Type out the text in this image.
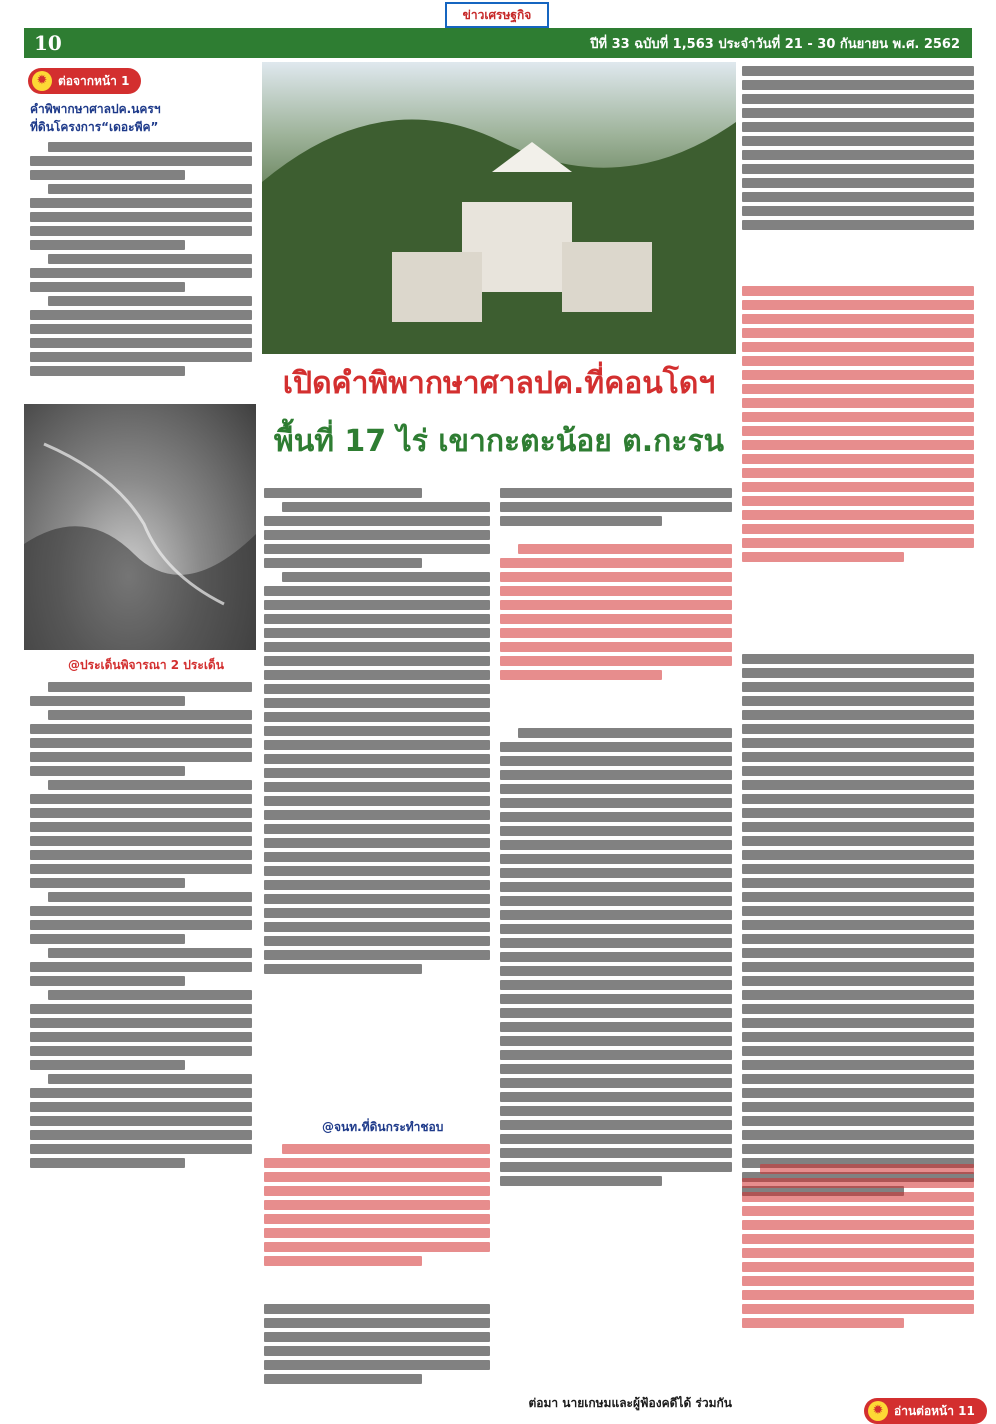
10	ปีที่ 33 ฉบับที่ 1,563 ประจำวันที่ 21 - 30 กันยายน พ.ศ. 2562
ข่าวเศรษฐกิจ
✹ ต่อจากหน้า 1
คำพิพากษาศาลปค.นครฯ
ที่ดินโครงการ“เดอะพีค”
@ประเด็นพิจารณา 2 ประเด็น
เปิดคำพิพากษาศาลปค.ที่คอนโดฯ
พื้นที่ 17 ไร่ เขากะตะน้อย ต.กะรน
@จนท.ที่ดินกระทำชอบ
ต่อมา นายเกษมและผู้ฟ้องคดีได้ ร่วมกัน	✹ อ่านต่อหน้า 11
